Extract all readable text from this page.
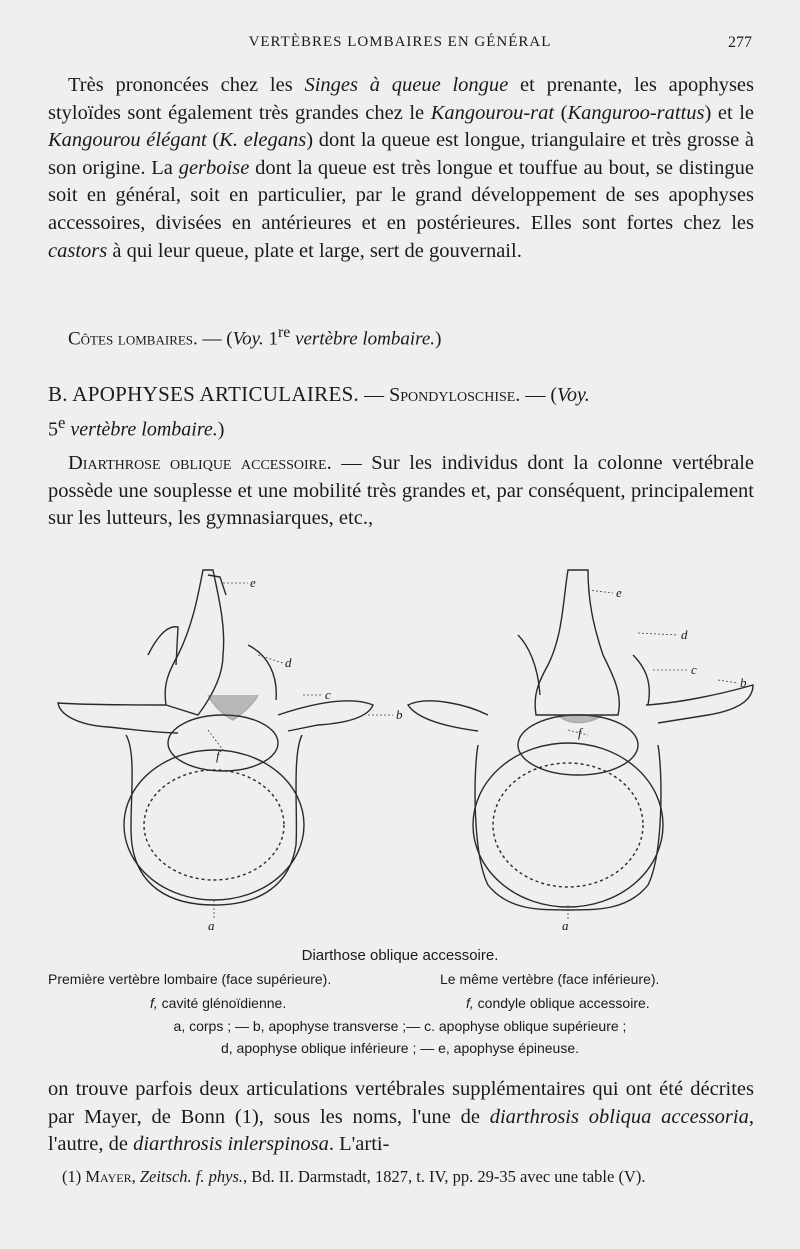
VERTÈBRES LOMBAIRES EN GÉNÉRAL	277
Très prononcées chez les Singes à queue longue et prenante, les apophyses styloïdes sont également très grandes chez le Kangourou-rat (Kanguroo-rattus) et le Kangourou élégant (K. elegans) dont la queue est longue, triangulaire et très grosse à son origine. La gerboise dont la queue est très longue et touffue au bout, se distingue soit en général, soit en particulier, par le grand développement de ses apophyses accessoires, divisées en antérieures et en postérieures. Elles sont fortes chez les castors à qui leur queue, plate et large, sert de gouvernail.
Côtes lombaires. — (Voy. 1re vertèbre lombaire.)
B. APOPHYSES ARTICULAIRES. — Spondyloschise. — (Voy.
5e vertèbre lombaire.)
Diarthrose oblique accessoire. — Sur les individus dont la colonne vertébrale possède une souplesse et une mobilité très grandes et, par conséquent, principalement sur les lutteurs, les gymnasiarques, etc.,
e
d
c
b
f
a
e
d
c
b
f
a
Diarthose oblique accessoire.
Première vertèbre lombaire (face supérieure).	Le même vertèbre (face inférieure).
f, cavité glénoïdienne.	f, condyle oblique accessoire.
a, corps ; — b, apophyse transverse ;— c. apophyse oblique supérieure ;
d, apophyse oblique inférieure ; — e, apophyse épineuse.
on trouve parfois deux articulations vertébrales supplémentaires qui ont été décrites par Mayer, de Bonn (1), sous les noms, l'une de diarthrosis obliqua accessoria, l'autre, de diarthrosis inlerspinosa. L'arti-
(1) Mayer, Zeitsch. f. phys., Bd. II. Darmstadt, 1827, t. IV, pp. 29-35 avec une table (V).
